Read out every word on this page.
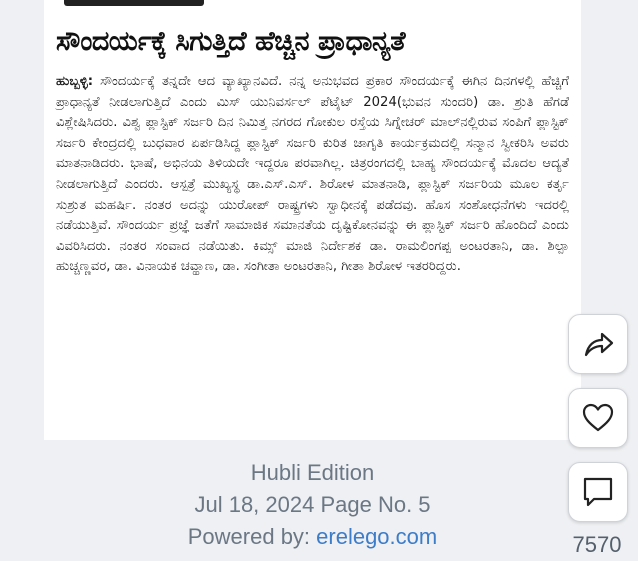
ಸೌಂದರ್ಯಕ್ಕೆ ಸಿಗುತ್ತಿದೆ ಹೆಚ್ಚಿನ ಪ್ರಾಧಾನ್ಯತೆ

ಹುಬ್ಬಳ್ಳಿ: ಸೌಂದರ್ಯಕ್ಕೆ ತನ್ನದೇ ಆದ ವ್ಯಾಖ್ಯಾನವಿದೆ. ನನ್ನ ಅನುಭವದ ಪ್ರಕಾರ ಸೌಂದರ್ಯಕ್ಕೆ ಈಗಿನ ದಿನಗಳಲ್ಲಿ ಹೆಚ್ಚಿಗೆ ಪ್ರಾಧಾನ್ಯತೆ ನೀಡಲಾಗುತ್ತಿದೆ ಎಂದು ಮಿಸ್ ಯುನಿವರ್ಸಲ್ ಪೆಟೈಟ್ 2024(ಭುವನ ಸುಂದರಿ) ಡಾ. ಶ್ರುತಿ ಹೆಗಡೆ ವಿಶ್ಲೇಷಿಸಿದರು. ವಿಶ್ವ ಪ್ಲಾಸ್ಟಿಕ್ ಸರ್ಜರಿ ದಿನ ನಿಮಿತ್ತ ನಗರದ ಗೋಕುಲ ರಸ್ತೆಯ ಸಿಗ್ನೇಚರ್ ಮಾಲ್‌ನಲ್ಲಿರುವ ಸಂಪಿಗೆ ಪ್ಲಾಸ್ಟಿಕ್ ಸರ್ಜರಿ ಕೇಂದ್ರದಲ್ಲಿ ಬುಧವಾರ ಏರ್ಪಡಿಸಿದ್ದ ಪ್ಲಾಸ್ಟಿಕ್ ಸರ್ಜರಿ ಕುರಿತ ಜಾಗೃತಿ ಕಾರ್ಯಕ್ರಮದಲ್ಲಿ ಸನ್ಮಾನ ಸ್ವೀಕರಿಸಿ ಅವರು ಮಾತನಾಡಿದರು. ಭಾಷೆ, ಅಭಿನಯ ತಿಳಿಯದೇ ಇದ್ದರೂ ಪರವಾಗಿಲ್ಲ. ಚಿತ್ರರಂಗದಲ್ಲಿ ಬಾಹ್ಯ ಸೌಂದರ್ಯಕ್ಕೆ ಮೊದಲ ಆದ್ಯತೆ ನೀಡಲಾಗುತ್ತಿದೆ ಎಂದರು. ಆಸ್ಪತ್ರೆ ಮುಖ್ಯಸ್ಥ ಡಾ.ಎಸ್.ಎಸ್. ಶಿರೋಳ ಮಾತನಾಡಿ, ಪ್ಲಾಸ್ಟಿಕ್ ಸರ್ಜರಿಯ ಮೂಲ ಕರ್ತೃ ಸುಶ್ರುತ ಮಹರ್ಷಿ. ನಂತರ ಅದನ್ನು ಯುರೋಪ್ ರಾಷ್ಟ್ರಗಳು ಸ್ವಾಧೀನಕ್ಕೆ ಪಡೆದವು. ಹೊಸ ಸಂಶೋಧನೆಗಳು ಇದರಲ್ಲಿ ನಡೆಯುತ್ತಿವೆ. ಸೌಂದರ್ಯ ಪ್ರಜ್ಞೆ ಜತೆಗೆ ಸಾಮಾಜಿಕ ಸಮಾನತೆಯ ದೃಷ್ಟಿಕೋನವನ್ನು ಈ ಪ್ಲಾಸ್ಟಿಕ್ ಸರ್ಜರಿ ಹೊಂದಿದೆ ಎಂದು ವಿವರಿಸಿದರು. ನಂತರ ಸಂವಾದ ನಡೆಯಿತು. ಕಿಮ್ಸ್ ಮಾಜಿ ನಿರ್ದೇಶಕ ಡಾ. ರಾಮಲಿಂಗಪ್ಪ ಅಂಟರತಾನಿ, ಡಾ. ಶಿಲ್ಪಾ ಹುಚ್ಚಣ್ಣವರ, ಡಾ. ವಿನಾಯಕ ಚವ್ಹಾಣ, ಡಾ. ಸಂಗೀತಾ ಅಂಟರತಾನಿ, ಗೀತಾ ಶಿರೋಳ ಇತರರಿದ್ದರು.

Hubli Edition
Jul 18, 2024 Page No. 5
Powered by: erelego.com	7570
